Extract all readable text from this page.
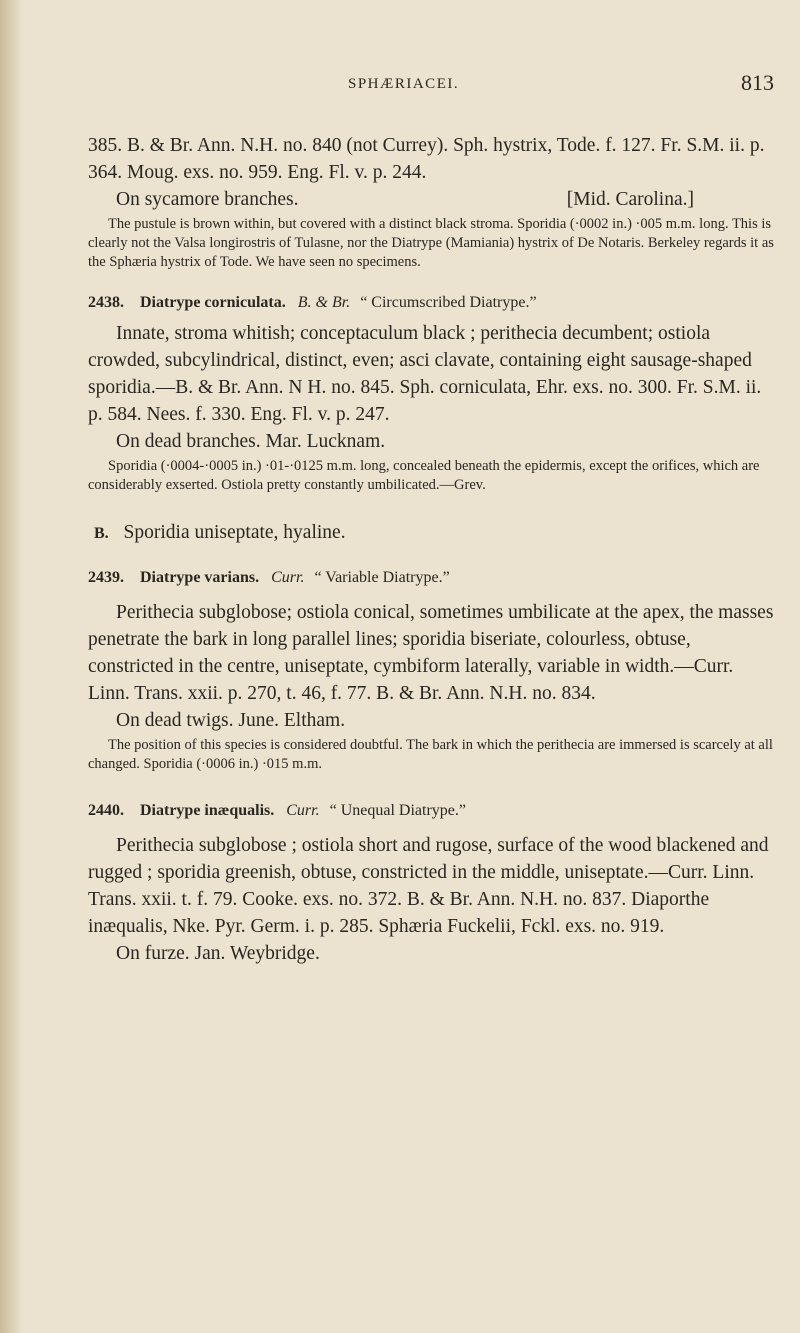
SPHÆRIACEI.	813

385. B. & Br. Ann. N.H. no. 840 (not Currey). Sph. hystrix, Tode. f. 127. Fr. S.M. ii. p. 364. Moug. exs. no. 959. Eng. Fl. v. p. 244.

On sycamore branches.	[Mid. Carolina.]

The pustule is brown within, but covered with a distinct black stroma. Sporidia (·0002 in.) ·005 m.m. long. This is clearly not the Valsa longirostris of Tulasne, nor the Diatrype (Mamiania) hystrix of De Notaris. Berkeley regards it as the Sphæria hystrix of Tode. We have seen no specimens.

2438. Diatrype corniculata. B. & Br. “ Circumscribed Diatrype.”

Innate, stroma whitish; conceptaculum black ; perithecia decumbent; ostiola crowded, subcylindrical, distinct, even; asci clavate, containing eight sausage-shaped sporidia.—B. & Br. Ann. N H. no. 845. Sph. corniculata, Ehr. exs. no. 300. Fr. S.M. ii. p. 584. Nees. f. 330. Eng. Fl. v. p. 247.

On dead branches. Mar. Lucknam.

Sporidia (·0004-·0005 in.) ·01-·0125 m.m. long, concealed beneath the epidermis, except the orifices, which are considerably exserted. Ostiola pretty constantly umbilicated.—Grev.

B. Sporidia uniseptate, hyaline.
2439. Diatrype varians. Curr. “ Variable Diatrype.”

Perithecia subglobose; ostiola conical, sometimes umbilicate at the apex, the masses penetrate the bark in long parallel lines; sporidia biseriate, colourless, obtuse, constricted in the centre, uniseptate, cymbiform laterally, variable in width.—Curr. Linn. Trans. xxii. p. 270, t. 46, f. 77. B. & Br. Ann. N.H. no. 834.

On dead twigs. June. Eltham.

The position of this species is considered doubtful. The bark in which the perithecia are immersed is scarcely at all changed. Sporidia (·0006 in.) ·015 m.m.

2440. Diatrype inæqualis. Curr. “ Unequal Diatrype.”

Perithecia subglobose ; ostiola short and rugose, surface of the wood blackened and rugged ; sporidia greenish, obtuse, constricted in the middle, uniseptate.—Curr. Linn. Trans. xxii. t. f. 79. Cooke. exs. no. 372. B. & Br. Ann. N.H. no. 837. Diaporthe inæqualis, Nke. Pyr. Germ. i. p. 285. Sphæria Fuckelii, Fckl. exs. no. 919.

On furze. Jan. Weybridge.
